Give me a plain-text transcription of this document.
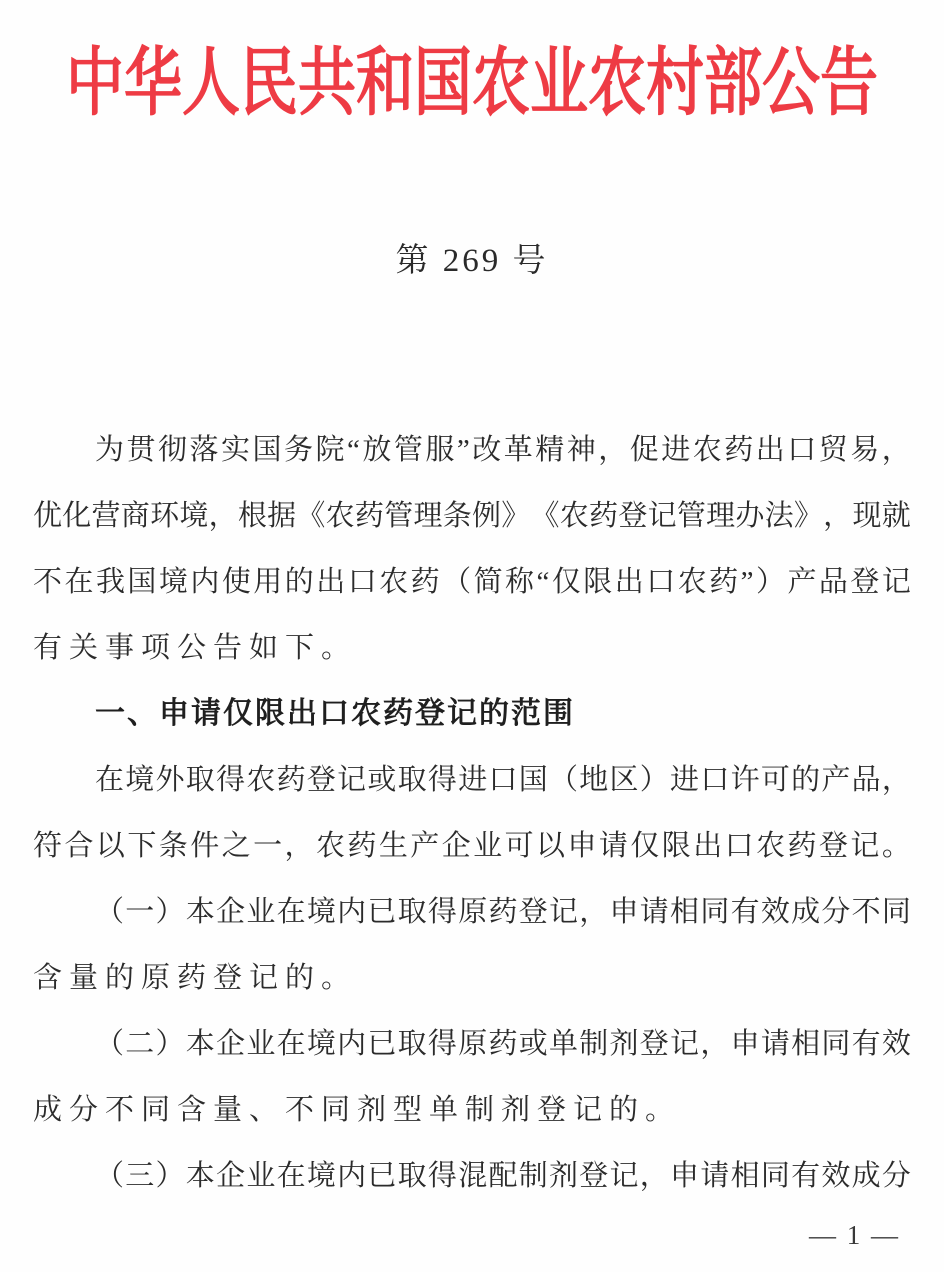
中华人民共和国农业农村部公告
第 269 号
为 贯 彻 落 实 国 务 院 “ 放 管 服 ” 改 革 精 神 ， 促 进 农 药 出 口 贸 易 ，
优 化 营 商 环 境 ， 根 据 《 农 药 管 理 条 例 》 《 农 药 登 记 管 理 办 法 》 ， 现 就
不 在 我 国 境 内 使 用 的 出 口 农 药 （ 简 称 “ 仅 限 出 口 农 药 ” ） 产 品 登 记
有关事项公告如下。
一、申请仅限出口农药登记的范围
在 境 外 取 得 农 药 登 记 或 取 得 进 口 国 （ 地 区 ） 进 口 许 可 的 产 品 ，
符 合 以 下 条 件 之 一 ， 农 药 生 产 企 业 可 以 申 请 仅 限 出 口 农 药 登 记 。
（ 一 ） 本 企 业 在 境 内 已 取 得 原 药 登 记 ， 申 请 相 同 有 效 成 分 不 同
含量的原药登记的。
（ 二 ） 本 企 业 在 境 内 已 取 得 原 药 或 单 制 剂 登 记 ， 申 请 相 同 有 效
成分不同含量、不同剂型单制剂登记的。
（ 三 ） 本 企 业 在 境 内 已 取 得 混 配 制 剂 登 记 ， 申 请 相 同 有 效 成 分
— 1 —
